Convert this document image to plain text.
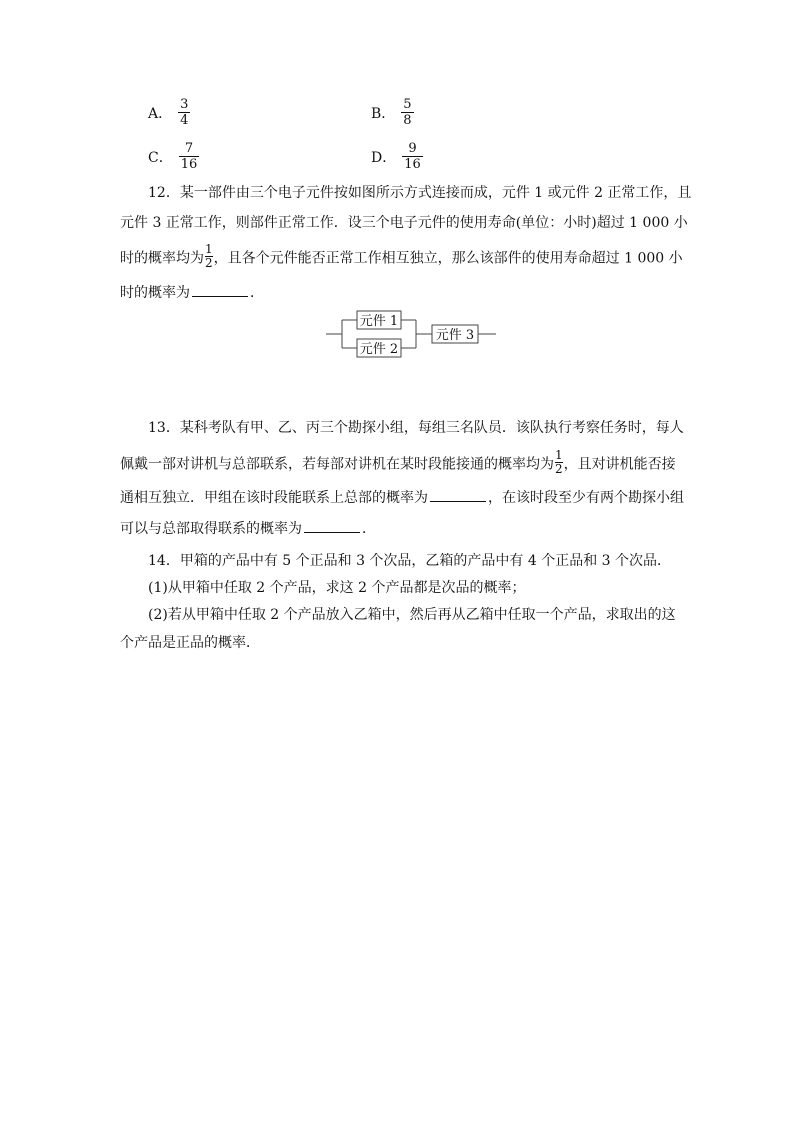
A． $\frac{3}{4}$	B． $\frac{5}{8}$
C． $\frac{7}{16}$	D． $\frac{9}{16}$
12．某一部件由三个电子元件按如图所示方式连接而成，元件 1 或元件 2 正常工作，且
元件 3 正常工作，则部件正常工作．设三个电子元件的使用寿命(单位：小时)超过 1 000 小
时的概率均为 $\frac{1}{2}$ ，且各个元件能否正常工作相互独立，那么该部件的使用寿命超过 1 000 小
时的概率为	．
元件 1
元件 2
元件 3
13．某科考队有甲、乙、丙三个勘探小组，每组三名队员．该队执行考察任务时，每人
佩戴一部对讲机与总部联系，若每部对讲机在某时段能接通的概率均为 $\frac{1}{2}$ ，且对讲机能否接
通相互独立．甲组在该时段能联系上总部的概率为	，在该时段至少有两个勘探小组
可以与总部取得联系的概率为	．
14．甲箱的产品中有 5 个正品和 3 个次品，乙箱的产品中有 4 个正品和 3 个次品．
(1)从甲箱中任取 2 个产品，求这 2 个产品都是次品的概率；
(2)若从甲箱中任取 2 个产品放入乙箱中，然后再从乙箱中任取一个产品，求取出的这
个产品是正品的概率．
